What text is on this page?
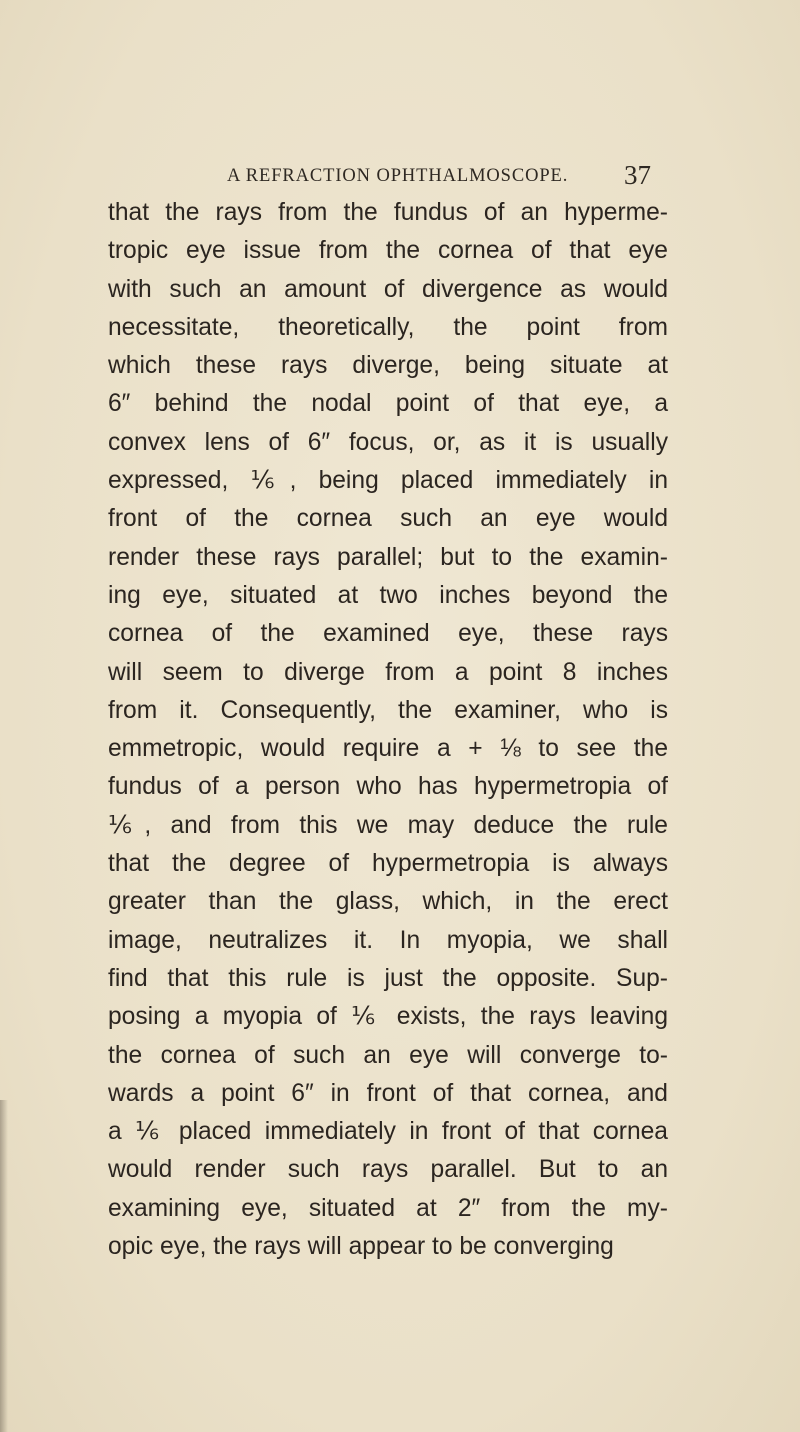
A REFRACTION OPHTHALMOSCOPE. 37
that the rays from the fundus of an hyperme-
tropic eye issue from the cornea of that eye
with such an amount of divergence as would
necessitate, theoretically, the point from
which these rays diverge, being situate at
6″ behind the nodal point of that eye, a
convex lens of 6″ focus, or, as it is usually
expressed, ⅙, being placed immediately in
front of the cornea such an eye would
render these rays parallel; but to the examin-
ing eye, situated at two inches beyond the
cornea of the examined eye, these rays
will seem to diverge from a point 8 inches
from it. Consequently, the examiner, who is
emmetropic, would require a + ⅛ to see the
fundus of a person who has hypermetropia of
⅙, and from this we may deduce the rule
that the degree of hypermetropia is always
greater than the glass, which, in the erect
image, neutralizes it. In myopia, we shall
find that this rule is just the opposite. Sup-
posing a myopia of ⅙ exists, the rays leaving
the cornea of such an eye will converge to-
wards a point 6″ in front of that cornea, and
a ⅙ placed immediately in front of that cornea
would render such rays parallel. But to an
examining eye, situated at 2″ from the my-
opic eye, the rays will appear to be converging
